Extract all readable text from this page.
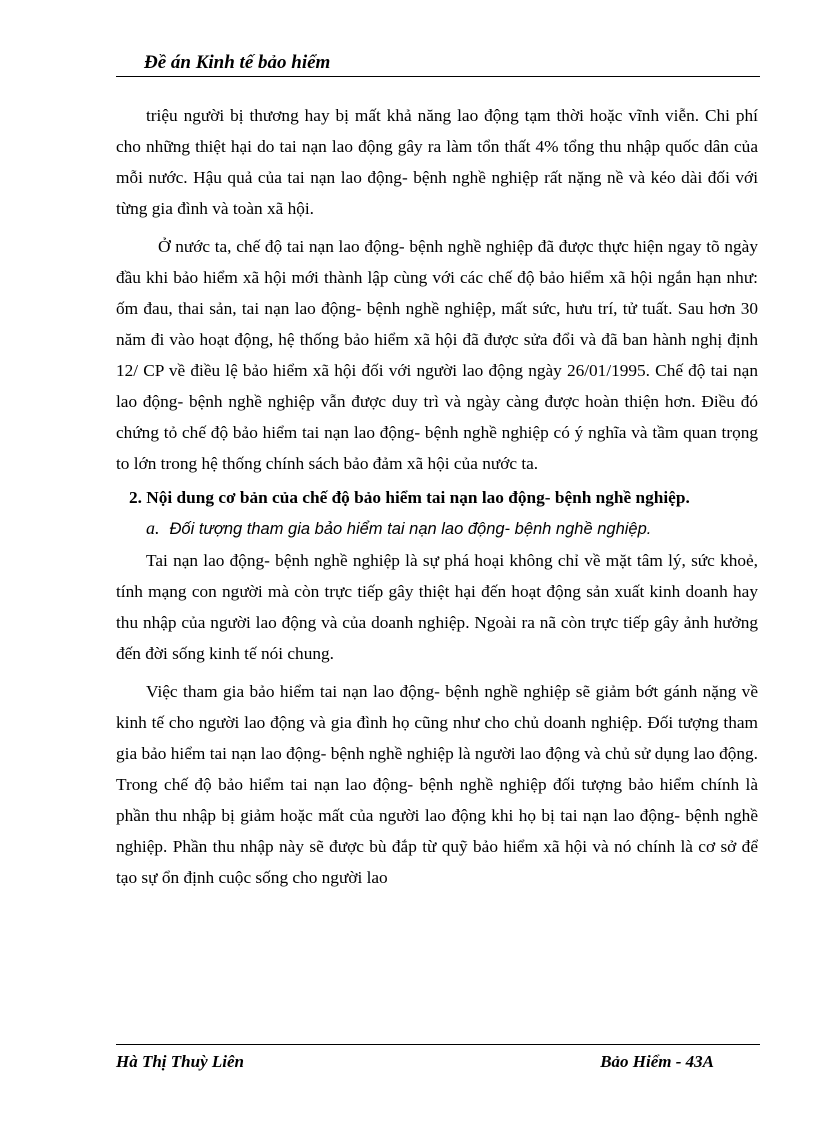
Đề án Kinh tế bảo hiểm

triệu người bị thương hay bị mất khả năng lao động tạm thời hoặc vĩnh viễn. Chi phí cho những thiệt hại do tai nạn lao động gây ra làm tổn thất 4% tổng thu nhập quốc dân của mỗi nước. Hậu quả của tai nạn lao động- bệnh nghề nghiệp rất nặng nề và kéo dài đối với từng gia đình và toàn xã hội.

Ở nước ta, chế độ tai nạn lao động- bệnh nghề nghiệp đã được thực hiện ngay tõ ngày đầu khi bảo hiểm xã hội mới thành lập cùng với các chế độ bảo hiểm xã hội ngắn hạn như: ốm đau, thai sản, tai nạn lao động- bệnh nghề nghiệp, mất sức, hưu trí, tử tuất. Sau hơn 30 năm đi vào hoạt động, hệ thống bảo hiểm xã hội đã được sửa đổi và đã ban hành nghị định 12/ CP về điều lệ bảo hiểm xã hội đối với người lao động ngày 26/01/1995. Chế độ tai nạn lao động- bệnh nghề nghiệp vẫn được duy trì và ngày càng được hoàn thiện hơn. Điều đó chứng tỏ chế độ bảo hiểm tai nạn lao động- bệnh nghề nghiệp có ý nghĩa và tầm quan trọng to lớn trong hệ thống chính sách bảo đảm xã hội của nước ta.

2. Nội dung cơ bản của chế độ bảo hiểm tai nạn lao động- bệnh nghề nghiệp.
a. Đối tượng tham gia bảo hiểm tai nạn lao động- bệnh nghề nghiệp.

Tai nạn lao động- bệnh nghề nghiệp là sự phá hoại không chỉ về mặt tâm lý, sức khoẻ, tính mạng con người mà còn trực tiếp gây thiệt hại đến hoạt động sản xuất kinh doanh hay thu nhập của người lao động và của doanh nghiệp. Ngoài ra nã còn trực tiếp gây ảnh hưởng đến đời sống kinh tế nói chung.

Việc tham gia bảo hiểm tai nạn lao động- bệnh nghề nghiệp sẽ giảm bớt gánh nặng về kinh tế cho người lao động và gia đình họ cũng như cho chủ doanh nghiệp. Đối tượng tham gia bảo hiểm tai nạn lao động- bệnh nghề nghiệp là người lao động và chủ sử dụng lao động. Trong chế độ bảo hiểm tai nạn lao động- bệnh nghề nghiệp đối tượng bảo hiểm chính là phần thu nhập bị giảm hoặc mất của người lao động khi họ bị tai nạn lao động- bệnh nghề nghiệp. Phần thu nhập này sẽ được bù đắp từ quỹ bảo hiểm xã hội và nó chính là cơ sở để tạo sự ổn định cuộc sống cho người lao

Hà Thị Thuỳ Liên	Bảo Hiểm - 43A
